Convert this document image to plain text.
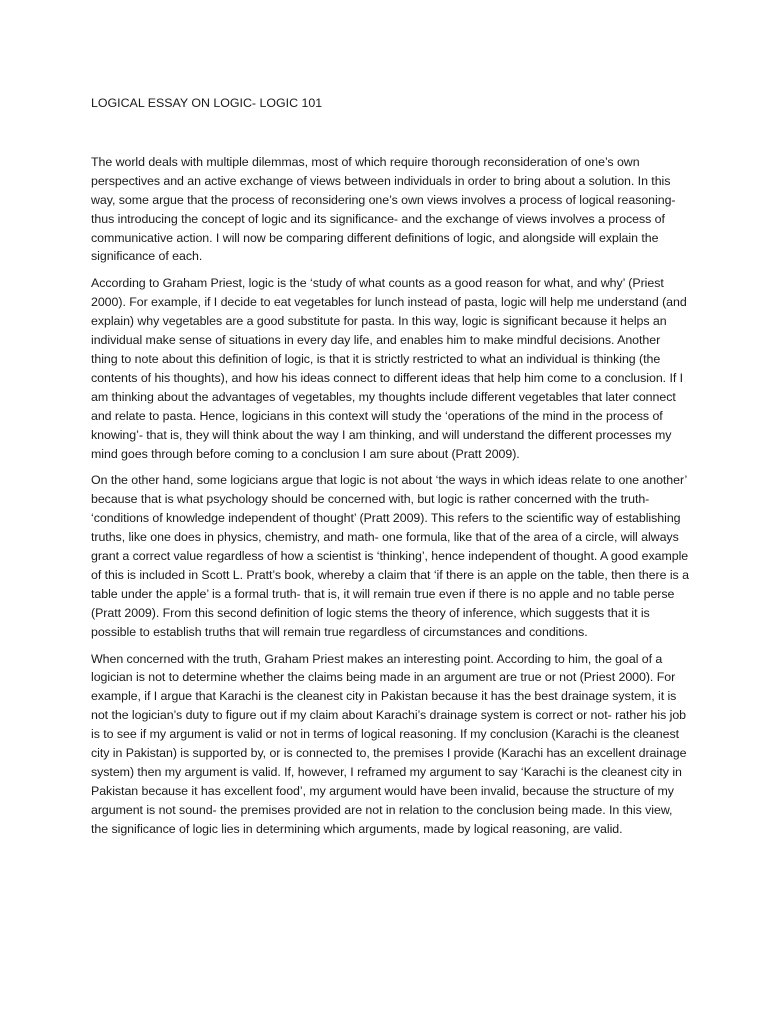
LOGICAL ESSAY ON LOGIC- LOGIC 101

The world deals with multiple dilemmas, most of which require thorough reconsideration of one’s own perspectives and an active exchange of views between individuals in order to bring about a solution. In this way, some argue that the process of reconsidering one’s own views involves a process of logical reasoning- thus introducing the concept of logic and its significance- and the exchange of views involves a process of communicative action. I will now be comparing different definitions of logic, and alongside will explain the significance of each.

According to Graham Priest, logic is the ‘study of what counts as a good reason for what, and why’ (Priest 2000). For example, if I decide to eat vegetables for lunch instead of pasta, logic will help me understand (and explain) why vegetables are a good substitute for pasta. In this way, logic is significant because it helps an individual make sense of situations in every day life, and enables him to make mindful decisions. Another thing to note about this definition of logic, is that it is strictly restricted to what an individual is thinking (the contents of his thoughts), and how his ideas connect to different ideas that help him come to a conclusion. If I am thinking about the advantages of vegetables, my thoughts include different vegetables that later connect and relate to pasta. Hence, logicians in this context will study the ‘operations of the mind in the process of knowing’- that is, they will think about the way I am thinking, and will understand the different processes my mind goes through before coming to a conclusion I am sure about (Pratt 2009).

On the other hand, some logicians argue that logic is not about ‘the ways in which ideas relate to one another’ because that is what psychology should be concerned with, but logic is rather concerned with the truth- ‘conditions of knowledge independent of thought’ (Pratt 2009). This refers to the scientific way of establishing truths, like one does in physics, chemistry, and math- one formula, like that of the area of a circle, will always grant a correct value regardless of how a scientist is ‘thinking’, hence independent of thought. A good example of this is included in Scott L. Pratt’s book, whereby a claim that ‘if there is an apple on the table, then there is a table under the apple’ is a formal truth- that is, it will remain true even if there is no apple and no table perse (Pratt 2009). From this second definition of logic stems the theory of inference, which suggests that it is possible to establish truths that will remain true regardless of circumstances and conditions.

When concerned with the truth, Graham Priest makes an interesting point. According to him, the goal of a logician is not to determine whether the claims being made in an argument are true or not (Priest 2000). For example, if I argue that Karachi is the cleanest city in Pakistan because it has the best drainage system, it is not the logician’s duty to figure out if my claim about Karachi’s drainage system is correct or not- rather his job is to see if my argument is valid or not in terms of logical reasoning. If my conclusion (Karachi is the cleanest city in Pakistan) is supported by, or is connected to, the premises I provide (Karachi has an excellent drainage system) then my argument is valid. If, however, I reframed my argument to say ‘Karachi is the cleanest city in Pakistan because it has excellent food’, my argument would have been invalid, because the structure of my argument is not sound- the premises provided are not in relation to the conclusion being made. In this view, the significance of logic lies in determining which arguments, made by logical reasoning, are valid.
